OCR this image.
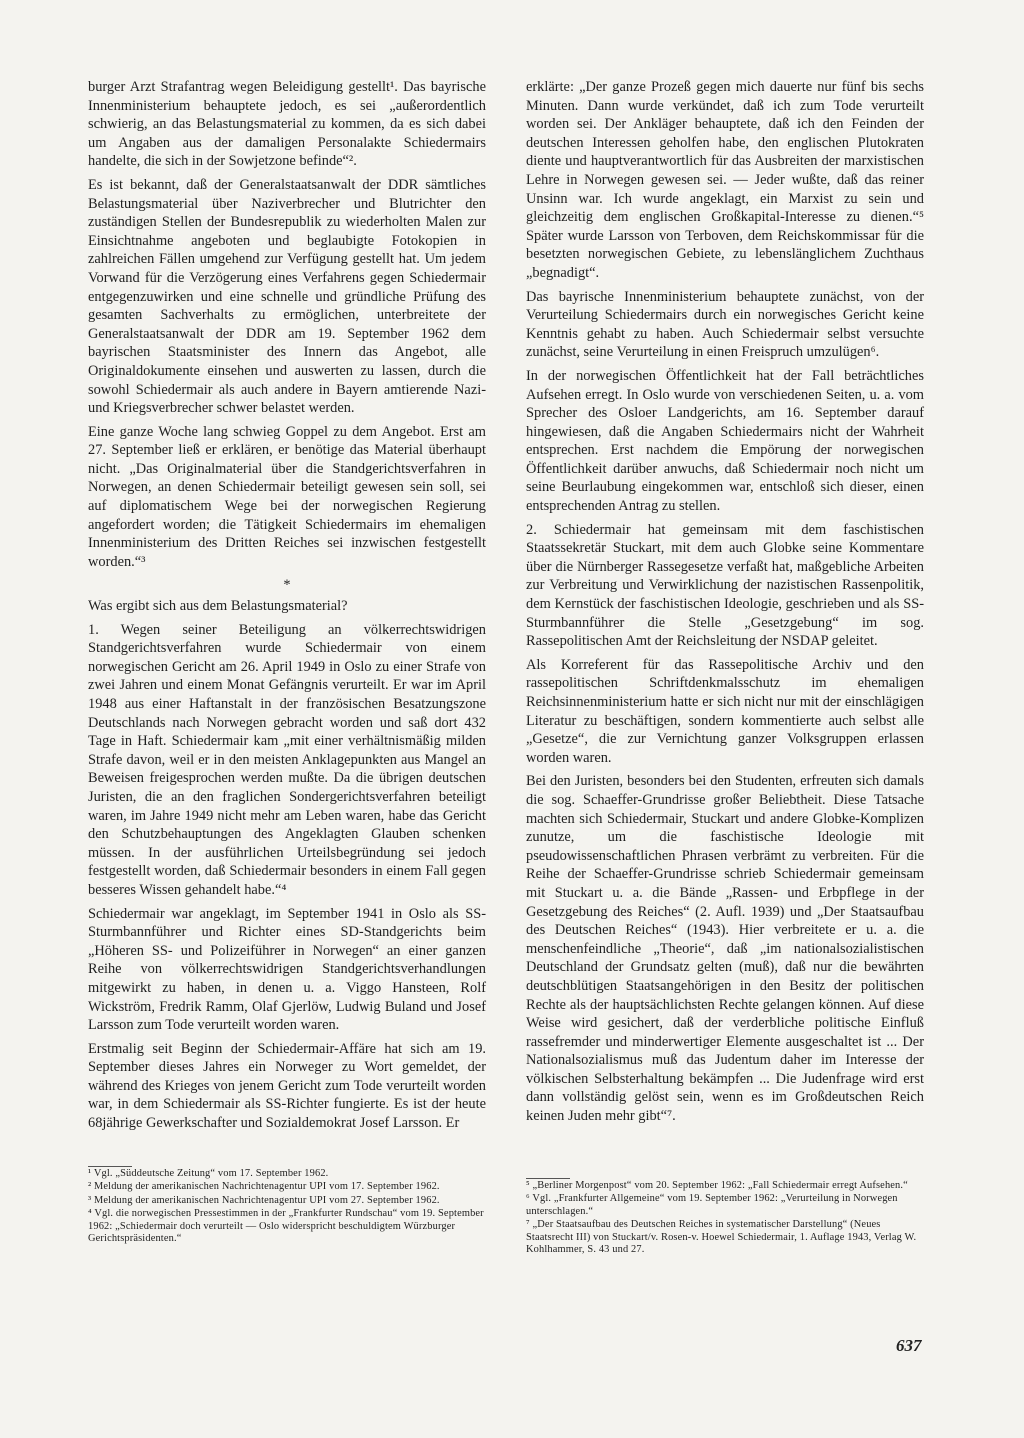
burger Arzt Strafantrag wegen Beleidigung gestellt¹. Das bayrische Innenministerium behauptete jedoch, es sei „außerordentlich schwierig, an das Belastungsmaterial zu kommen, da es sich dabei um Angaben aus der damaligen Personalakte Schiedermairs handelte, die sich in der Sowjetzone befinde“².

Es ist bekannt, daß der Generalstaatsanwalt der DDR sämtliches Belastungsmaterial über Naziverbrecher und Blutrichter den zuständigen Stellen der Bundesrepublik zu wiederholten Malen zur Einsichtnahme angeboten und beglaubigte Fotokopien in zahlreichen Fällen umgehend zur Verfügung gestellt hat. Um jedem Vorwand für die Verzögerung eines Verfahrens gegen Schiedermair entgegenzuwirken und eine schnelle und gründliche Prüfung des gesamten Sachverhalts zu ermöglichen, unterbreitete der Generalstaatsanwalt der DDR am 19. September 1962 dem bayrischen Staatsminister des Innern das Angebot, alle Originaldokumente einsehen und auswerten zu lassen, durch die sowohl Schiedermair als auch andere in Bayern amtierende Nazi- und Kriegsverbrecher schwer belastet werden.

Eine ganze Woche lang schwieg Goppel zu dem Angebot. Erst am 27. September ließ er erklären, er benötige das Material überhaupt nicht. „Das Originalmaterial über die Standgerichtsverfahren in Norwegen, an denen Schiedermair beteiligt gewesen sein soll, sei auf diplomatischem Wege bei der norwegischen Regierung angefordert worden; die Tätigkeit Schiedermairs im ehemaligen Innenministerium des Dritten Reiches sei inzwischen festgestellt worden.“³

*

Was ergibt sich aus dem Belastungsmaterial?

1. Wegen seiner Beteiligung an völkerrechtswidrigen Standgerichtsverfahren wurde Schiedermair von einem norwegischen Gericht am 26. April 1949 in Oslo zu einer Strafe von zwei Jahren und einem Monat Gefängnis verurteilt. Er war im April 1948 aus einer Haftanstalt in der französischen Besatzungszone Deutschlands nach Norwegen gebracht worden und saß dort 432 Tage in Haft. Schiedermair kam „mit einer verhältnismäßig milden Strafe davon, weil er in den meisten Anklagepunkten aus Mangel an Beweisen freigesprochen werden mußte. Da die übrigen deutschen Juristen, die an den fraglichen Sondergerichtsverfahren beteiligt waren, im Jahre 1949 nicht mehr am Leben waren, habe das Gericht den Schutzbehauptungen des Angeklagten Glauben schenken müssen. In der ausführlichen Urteilsbegründung sei jedoch festgestellt worden, daß Schiedermair besonders in einem Fall gegen besseres Wissen gehandelt habe.“⁴

Schiedermair war angeklagt, im September 1941 in Oslo als SS-Sturmbannführer und Richter eines SD-Standgerichts beim „Höheren SS- und Polizeiführer in Norwegen“ an einer ganzen Reihe von völkerrechtswidrigen Standgerichtsverhandlungen mitgewirkt zu haben, in denen u. a. Viggo Hansteen, Rolf Wickström, Fredrik Ramm, Olaf Gjerlöw, Ludwig Buland und Josef Larsson zum Tode verurteilt worden waren.

Erstmalig seit Beginn der Schiedermair-Affäre hat sich am 19. September dieses Jahres ein Norweger zu Wort gemeldet, der während des Krieges von jenem Gericht zum Tode verurteilt worden war, in dem Schiedermair als SS-Richter fungierte. Es ist der heute 68jährige Gewerkschafter und Sozialdemokrat Josef Larsson. Er

¹ Vgl. „Süddeutsche Zeitung“ vom 17. September 1962.
² Meldung der amerikanischen Nachrichtenagentur UPI vom 17. September 1962.
³ Meldung der amerikanischen Nachrichtenagentur UPI vom 27. September 1962.
⁴ Vgl. die norwegischen Pressestimmen in der „Frankfurter Rundschau“ vom 19. September 1962: „Schiedermair doch verurteilt — Oslo widerspricht beschuldigtem Würzburger Gerichtspräsidenten.“

erklärte: „Der ganze Prozeß gegen mich dauerte nur fünf bis sechs Minuten. Dann wurde verkündet, daß ich zum Tode verurteilt worden sei. Der Ankläger behauptete, daß ich den Feinden der deutschen Interessen geholfen habe, den englischen Plutokraten diente und hauptverantwortlich für das Ausbreiten der marxistischen Lehre in Norwegen gewesen sei. — Jeder wußte, daß das reiner Unsinn war. Ich wurde angeklagt, ein Marxist zu sein und gleichzeitig dem englischen Großkapital-Interesse zu dienen.“⁵ Später wurde Larsson von Terboven, dem Reichskommissar für die besetzten norwegischen Gebiete, zu lebenslänglichem Zuchthaus „begnadigt“.

Das bayrische Innenministerium behauptete zunächst, von der Verurteilung Schiedermairs durch ein norwegisches Gericht keine Kenntnis gehabt zu haben. Auch Schiedermair selbst versuchte zunächst, seine Verurteilung in einen Freispruch umzulügen⁶.

In der norwegischen Öffentlichkeit hat der Fall beträchtliches Aufsehen erregt. In Oslo wurde von verschiedenen Seiten, u. a. vom Sprecher des Osloer Landgerichts, am 16. September darauf hingewiesen, daß die Angaben Schiedermairs nicht der Wahrheit entsprechen. Erst nachdem die Empörung der norwegischen Öffentlichkeit darüber anwuchs, daß Schiedermair noch nicht um seine Beurlaubung eingekommen war, entschloß sich dieser, einen entsprechenden Antrag zu stellen.

2. Schiedermair hat gemeinsam mit dem faschistischen Staatssekretär Stuckart, mit dem auch Globke seine Kommentare über die Nürnberger Rassegesetze verfaßt hat, maßgebliche Arbeiten zur Verbreitung und Verwirklichung der nazistischen Rassenpolitik, dem Kernstück der faschistischen Ideologie, geschrieben und als SS-Sturmbannführer die Stelle „Gesetzgebung“ im sog. Rassepolitischen Amt der Reichsleitung der NSDAP geleitet.

Als Korreferent für das Rassepolitische Archiv und den rassepolitischen Schriftdenkmalsschutz im ehemaligen Reichsinnenministerium hatte er sich nicht nur mit der einschlägigen Literatur zu beschäftigen, sondern kommentierte auch selbst alle „Gesetze“, die zur Vernichtung ganzer Volksgruppen erlassen worden waren.

Bei den Juristen, besonders bei den Studenten, erfreuten sich damals die sog. Schaeffer-Grundrisse großer Beliebtheit. Diese Tatsache machten sich Schiedermair, Stuckart und andere Globke-Komplizen zunutze, um die faschistische Ideologie mit pseudowissenschaftlichen Phrasen verbrämt zu verbreiten. Für die Reihe der Schaeffer-Grundrisse schrieb Schiedermair gemeinsam mit Stuckart u. a. die Bände „Rassen- und Erbpflege in der Gesetzgebung des Reiches“ (2. Aufl. 1939) und „Der Staatsaufbau des Deutschen Reiches“ (1943). Hier verbreitete er u. a. die menschenfeindliche „Theorie“, daß „im nationalsozialistischen Deutschland der Grundsatz gelten (muß), daß nur die bewährten deutschblütigen Staatsangehörigen in den Besitz der politischen Rechte als der hauptsächlichsten Rechte gelangen können. Auf diese Weise wird gesichert, daß der verderbliche politische Einfluß rassefremder und minderwertiger Elemente ausgeschaltet ist ... Der Nationalsozialismus muß das Judentum daher im Interesse der völkischen Selbsterhaltung bekämpfen ... Die Judenfrage wird erst dann vollständig gelöst sein, wenn es im Großdeutschen Reich keinen Juden mehr gibt“⁷.

⁵ „Berliner Morgenpost“ vom 20. September 1962: „Fall Schiedermair erregt Aufsehen.“
⁶ Vgl. „Frankfurter Allgemeine“ vom 19. September 1962: „Verurteilung in Norwegen unterschlagen.“
⁷ „Der Staatsaufbau des Deutschen Reiches in systematischer Darstellung“ (Neues Staatsrecht III) von Stuckart/v. Rosen-v. Hoewel Schiedermair, 1. Auflage 1943, Verlag W. Kohlhammer, S. 43 und 27.
637
